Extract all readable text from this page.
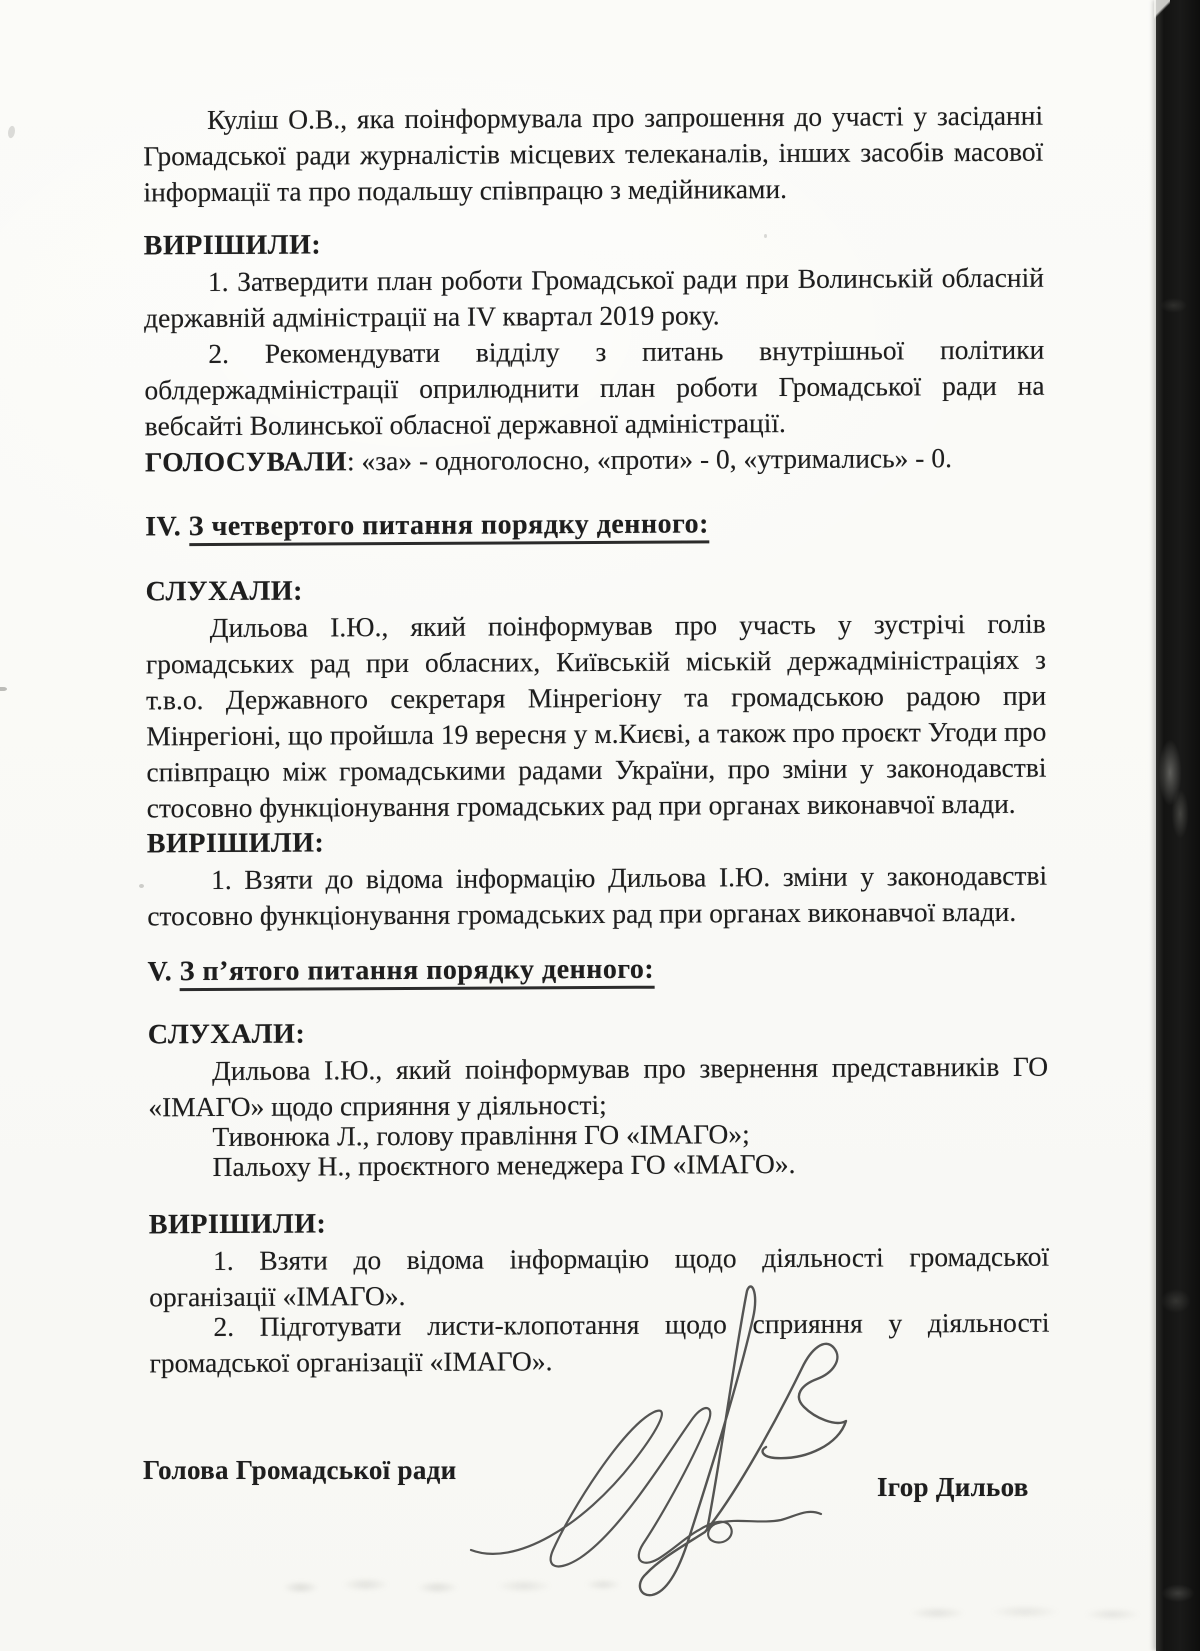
Куліш О.В., яка поінформувала про запрошення до участі у засіданні Громадської ради журналістів місцевих телеканалів, інших засобів масової інформації та про подальшу співпрацю з медійниками.

ВИРІШИЛИ:

1. Затвердити план роботи Громадської ради при Волинській обласній державній адміністрації на IV квартал 2019 року.

2. Рекомендувати відділу з питань внутрішньої політики облдержадміністрації оприлюднити план роботи Громадської ради на вебсайті Волинської обласної державної адміністрації.

ГОЛОСУВАЛИ: «за» - одноголосно, «проти» - 0, «утримались» - 0.

IV. З четвертого питання порядку денного:

СЛУХАЛИ:

Дильова І.Ю., який поінформував про участь у зустрічі голів громадських рад при обласних, Київській міській держадміністраціях з т.в.о. Державного секретаря Мінрегіону та громадською радою при Мінрегіоні, що пройшла 19 вересня у м.Києві, а також про проєкт Угоди про співпрацю між громадськими радами України, про зміни у законодавстві стосовно функціонування громадських рад при органах виконавчої влади.

ВИРІШИЛИ:

1. Взяти до відома інформацію Дильова І.Ю. зміни у законодавстві стосовно функціонування громадських рад при органах виконавчої влади.

V. З п’ятого питання порядку денного:

СЛУХАЛИ:

Дильова І.Ю., який поінформував про звернення представників ГО «ІМАГО» щодо сприяння у діяльності;

Тивонюка Л., голову правління ГО «ІМАГО»;

Пальоху Н., проєктного менеджера ГО «ІМАГО».

ВИРІШИЛИ:

1. Взяти до відома інформацію щодо діяльності громадської організації «ІМАГО».

2. Підготувати листи-клопотання щодо сприяння у діяльності громадської організації «ІМАГО».

Голова Громадської ради
Ігор Дильов
